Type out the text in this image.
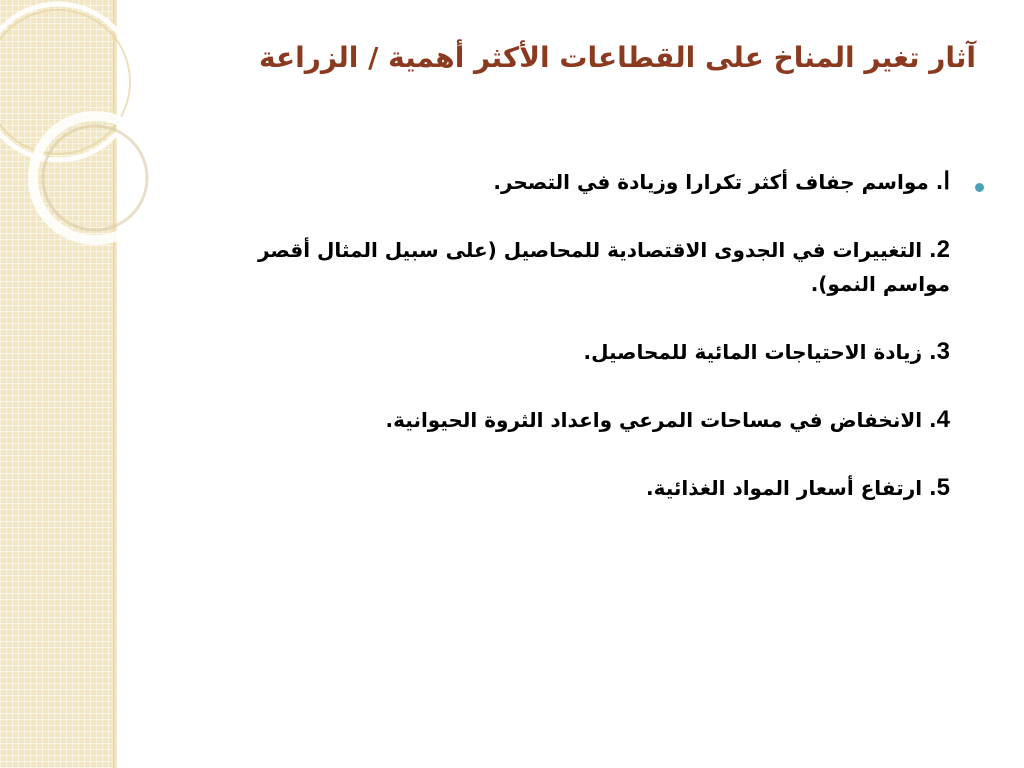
آثار تغير المناخ على القطاعات الأكثر أهمية / الزراعة

ا. مواسم جفاف أكثر تكرارا وزيادة في التصحر.

2. التغييرات في الجدوى الاقتصادية للمحاصيل (على سبيل المثال أقصر مواسم النمو).

3. زيادة الاحتياجات المائية للمحاصيل.

4. الانخفاض في مساحات المرعي واعداد الثروة الحيوانية.

5. ارتفاع أسعار المواد الغذائية.
